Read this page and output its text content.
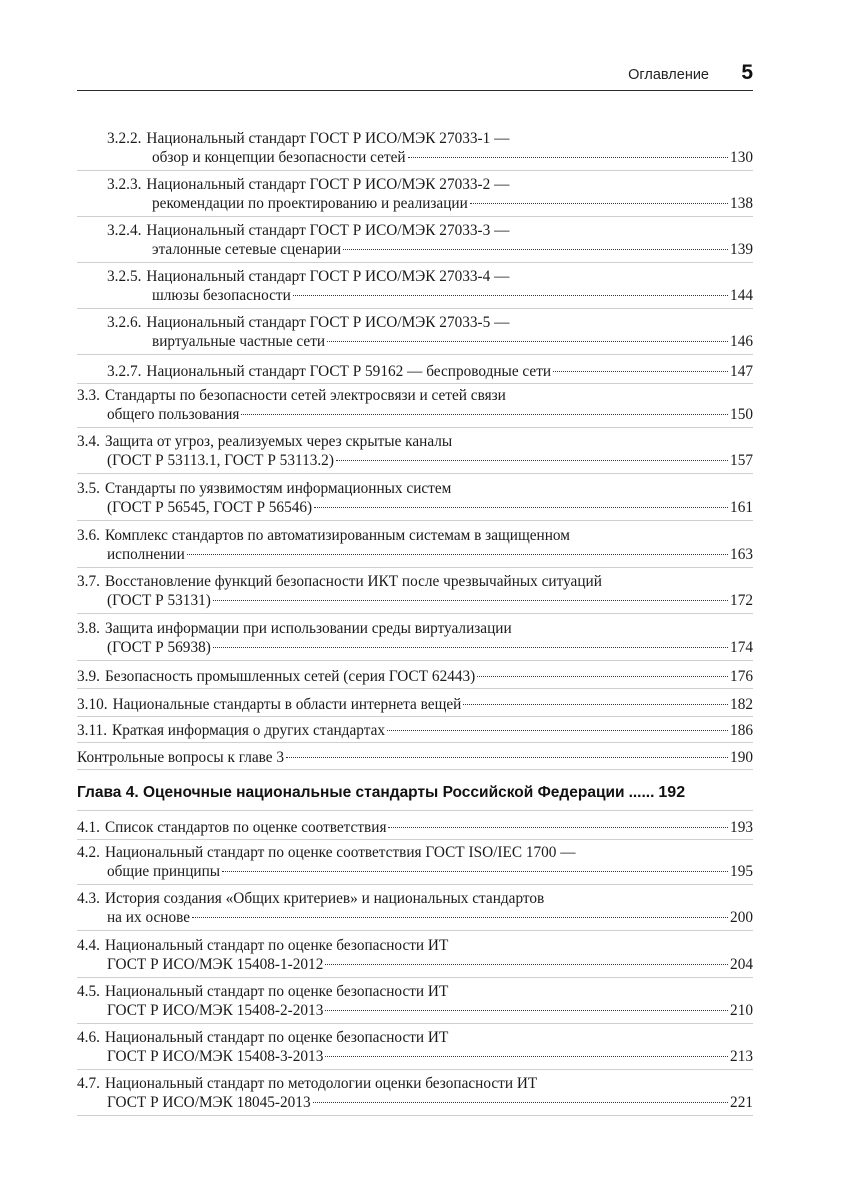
Оглавление 5
3.2.2. Национальный стандарт ГОСТ Р ИСО/МЭК 27033-1 —
обзор и концепции безопасности сетей	130
3.2.3. Национальный стандарт ГОСТ Р ИСО/МЭК 27033-2 —
рекомендации по проектированию и реализации	138
3.2.4. Национальный стандарт ГОСТ Р ИСО/МЭК 27033-3 —
эталонные сетевые сценарии	139
3.2.5. Национальный стандарт ГОСТ Р ИСО/МЭК 27033-4 —
шлюзы безопасности	144
3.2.6. Национальный стандарт ГОСТ Р ИСО/МЭК 27033-5 —
виртуальные частные сети	146
3.2.7. Национальный стандарт ГОСТ Р 59162 — беспроводные сети	147
3.3. Стандарты по безопасности сетей электросвязи и сетей связи
общего пользования	150
3.4. Защита от угроз, реализуемых через скрытые каналы
(ГОСТ Р 53113.1, ГОСТ Р 53113.2)	157
3.5. Стандарты по уязвимостям информационных систем
(ГОСТ Р 56545, ГОСТ Р 56546)	161
3.6. Комплекс стандартов по автоматизированным системам в защищенном
исполнении	163
3.7. Восстановление функций безопасности ИКТ после чрезвычайных ситуаций
(ГОСТ Р 53131)	172
3.8. Защита информации при использовании среды виртуализации
(ГОСТ Р 56938)	174
3.9. Безопасность промышленных сетей (серия ГОСТ 62443)	176
3.10. Национальные стандарты в области интернета вещей	182
3.11. Краткая информация о других стандартах	186
Контрольные вопросы к главе 3	190
Глава 4. Оценочные национальные стандарты Российской Федерации ...... 192
4.1. Список стандартов по оценке соответствия	193
4.2. Национальный стандарт по оценке соответствия ГОСТ ISO/IEC 1700 —
общие принципы	195
4.3. История создания «Общих критериев» и национальных стандартов
на их основе	200
4.4. Национальный стандарт по оценке безопасности ИТ
ГОСТ Р ИСО/МЭК 15408-1-2012	204
4.5. Национальный стандарт по оценке безопасности ИТ
ГОСТ Р ИСО/МЭК 15408-2-2013	210
4.6. Национальный стандарт по оценке безопасности ИТ
ГОСТ Р ИСО/МЭК 15408-3-2013	213
4.7. Национальный стандарт по методологии оценки безопасности ИТ
ГОСТ Р ИСО/МЭК 18045-2013	221
